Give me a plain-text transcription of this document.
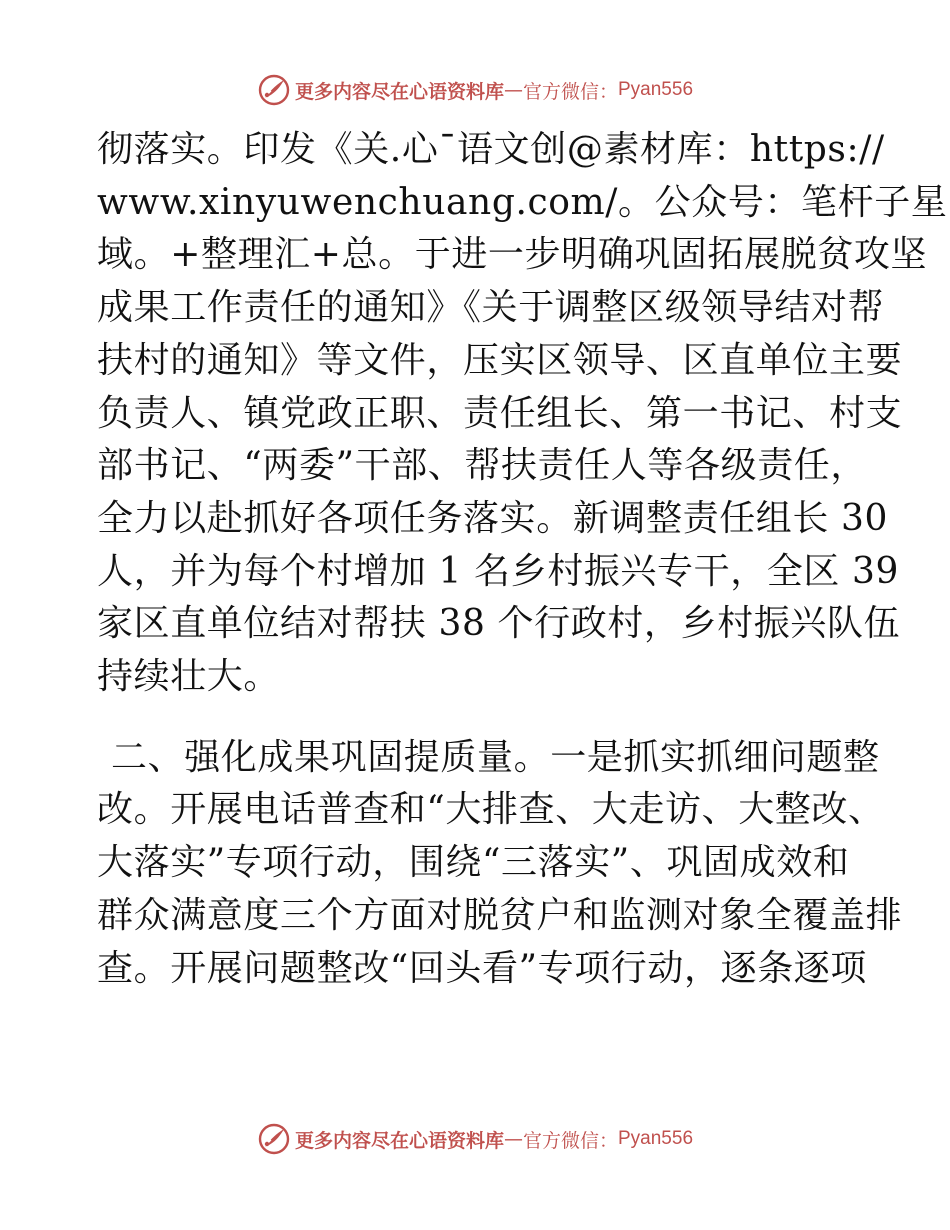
更多内容尽在心语资料库 — 官方微信： Pyan556

彻落实。印发《关.心¯语文创@素材库：https://

www.xinyuwenchuang.com/。公众号：笔杆子星

域。+整理汇+总。于进一步明确巩固拓展脱贫攻坚

成果工作责任的通知》《关于调整区级领导结对帮

扶村的通知》等文件，压实区领导、区直单位主要

负责人、镇党政正职、责任组长、第一书记、村支

部书记、“两委”干部、帮扶责任人等各级责任，

全力以赴抓好各项任务落实。新调整责任组长 30

人，并为每个村增加 1 名乡村振兴专干，全区 39

家区直单位结对帮扶 38 个行政村，乡村振兴队伍

持续壮大。

二、强化成果巩固提质量。一是抓实抓细问题整

改。开展电话普查和“大排查、大走访、大整改、

大落实”专项行动，围绕“三落实”、巩固成效和

群众满意度三个方面对脱贫户和监测对象全覆盖排

查。开展问题整改“回头看”专项行动，逐条逐项

更多内容尽在心语资料库 — 官方微信： Pyan556
